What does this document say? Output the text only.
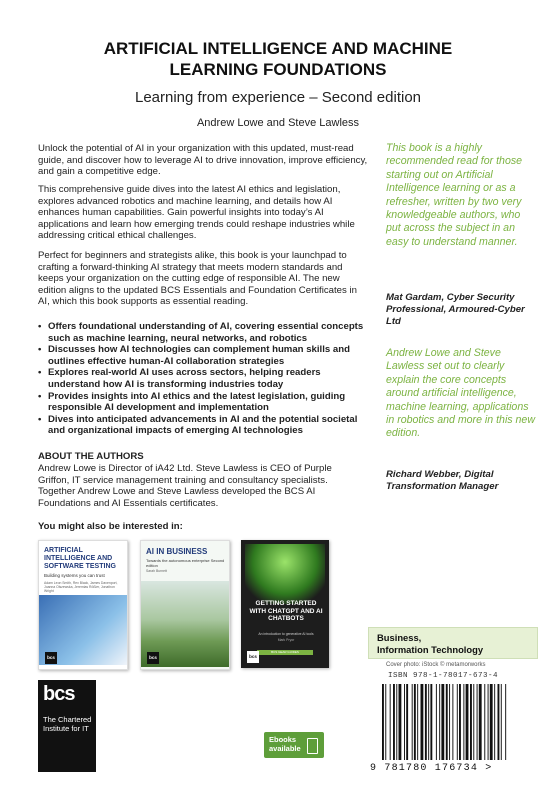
ARTIFICIAL INTELLIGENCE AND MACHINE
LEARNING FOUNDATIONS
Learning from experience – Second edition
Andrew Lowe and Steve Lawless
Unlock the potential of AI in your organization with this updated, must-read guide, and discover how to leverage AI to drive innovation, improve efficiency, and gain a competitive edge.
This comprehensive guide dives into the latest AI ethics and legislation, explores advanced robotics and machine learning, and details how AI enhances human capabilities. Gain powerful insights into today’s AI applications and learn how emerging trends could reshape industries while addressing critical ethical challenges.
Perfect for beginners and strategists alike, this book is your launchpad to crafting a forward-thinking AI strategy that meets modern standards and keeps your organization on the cutting edge of responsible AI. The new edition aligns to the updated BCS Essentials and Foundation Certificates in AI, which this book supports as essential reading.
• Offers foundational understanding of AI, covering essential concepts such as machine learning, neural networks, and robotics
• Discusses how AI technologies can complement human skills and outlines effective human-AI collaboration strategies
• Explores real-world AI uses across sectors, helping readers understand how AI is transforming industries today
• Provides insights into AI ethics and the latest legislation, guiding responsible AI development and implementation
• Dives into anticipated advancements in AI and the potential societal and organizational impacts of emerging AI technologies
ABOUT THE AUTHORS
Andrew Lowe is Director of iA42 Ltd. Steve Lawless is CEO of Purple Griffon, IT service management training and consultancy specialists. Together Andrew Lowe and Steve Lawless developed the BCS AI Foundations and AI Essentials certificates.
You might also be interested in:
ARTIFICIAL INTELLIGENCE AND SOFTWARE TESTING
Building systems you can trust
Adam Leon Smith, Rex Black, James Davenport, Joanna Olszewska, Jeremias Rößler, Jonathon Wright
bcs
AI IN BUSINESS
Towards the autonomous enterprise Second edition
Sarah Burnett
bcs
GETTING STARTED WITH CHATGPT AND AI CHATBOTS
An introduction to generative AI tools
Mark Pryor
BCS GEAR GUIDES
bcs
This book is a highly recommended read for those starting out on Artificial Intelligence learning or as a refresher, written by two very knowledgeable authors, who put across the subject in an easy to understand manner.
Mat Gardam, Cyber Security Professional, Armoured-Cyber Ltd
Andrew Lowe and Steve Lawless set out to clearly explain the core concepts around artificial intelligence, machine learning, applications in robotics and more in this new edition.
Richard Webber, Digital Transformation Manager
Business,
Information Technology
Cover photo: iStock © metamorworks
ISBN 978-1-78017-673-4
9 781780 176734 >
bcs
The Chartered Institute for IT
Ebooks available
